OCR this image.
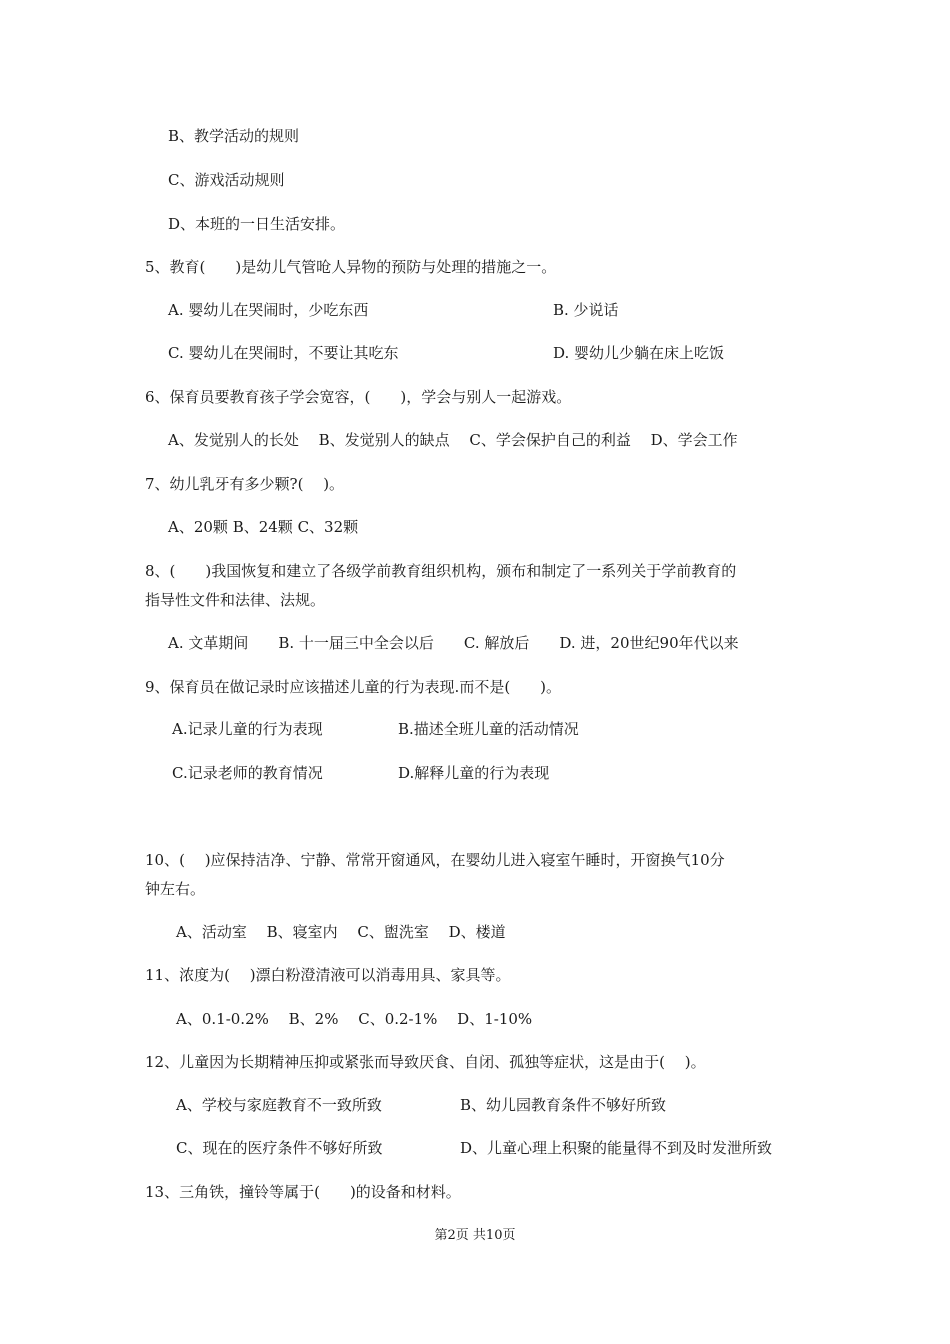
B、教学活动的规则
C、游戏活动规则
D、本班的一日生活安排。
5、教育(　　)是幼儿气管呛人异物的预防与处理的措施之一。
A. 婴幼儿在哭闹时，少吃东西	B. 少说话
C. 婴幼儿在哭闹时，不要让其吃东	D. 婴幼儿少躺在床上吃饭
6、保育员要教育孩子学会宽容，(　　)，学会与别人一起游戏。
A、发觉别人的长处　 B、发觉别人的缺点　 C、学会保护自己的利益　 D、学会工作
7、幼儿乳牙有多少颗?(　 )。
A、20颗 B、24颗 C、32颗
8、(　　)我国恢复和建立了各级学前教育组织机构，颁布和制定了一系列关于学前教育的
指导性文件和法律、法规。
A. 文革期间　　B. 十一届三中全会以后　　C. 解放后　　D. 进，20世纪90年代以来
9、保育员在做记录时应该描述儿童的行为表现.而不是(　　)。
A.记录儿童的行为表现	B.描述全班儿童的活动情况
C.记录老师的教育情况	D.解释儿童的行为表现
10、(　 )应保持洁净、宁静、常常开窗通风，在婴幼儿进入寝室午睡时，开窗换气10分
钟左右。
A、活动室　 B、寝室内　 C、盥洗室　 D、楼道
11、浓度为(　 )漂白粉澄清液可以消毒用具、家具等。
A、0.1-0.2%　 B、2%　 C、0.2-1%　 D、1-10%
12、儿童因为长期精神压抑或紧张而导致厌食、自闭、孤独等症状，这是由于(　 )。
A、学校与家庭教育不一致所致	B、幼儿园教育条件不够好所致
C、现在的医疗条件不够好所致	D、儿童心理上积聚的能量得不到及时发泄所致
13、三角铁，撞铃等属于(　　)的设备和材料。
第2页 共10页
